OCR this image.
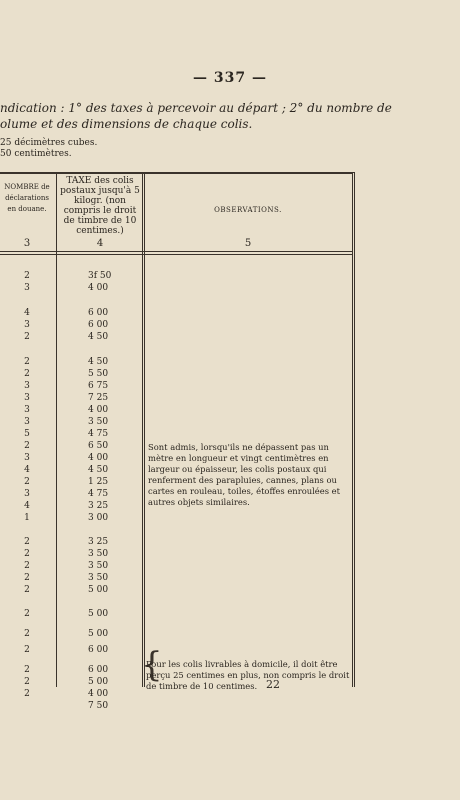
— 337 —
ndication : 1° des taxes à percevoir au départ ; 2° du nombre de
olume et des dimensions de chaque colis.
25 décimètres cubes.
50 centimètres.
NOMBRE de déclarations en douane.
TAXE des colis postaux jusqu'à 5 kilogr. (non compris le droit de timbre de 10 centimes.)
OBSERVATIONS.
3	4	5
2	3f 50
3	4 00
4	6 00
3	6 00
2	4 50
2	4 50
2	5 50
3	6 75
3	7 25
3	4 00
3	3 50
5	4 75
2	6 50
3	4 00
4	4 50
2	1 25
3	4 75
4	3 25
1	3 00
2	3 25
2	3 50
2	3 50
2	3 50
2	5 00
2	5 00
2	5 00
2	6 00
2	6 00
2	5 00
2	4 00
7 50
Sont admis, lorsqu'ils ne dépassent pas un mètre en longueur et vingt centimètres en largeur ou épaisseur, les colis postaux qui renferment des parapluies, cannes, plans ou cartes en rouleau, toiles, étoffes enroulées et autres objets similaires.
{
Pour les colis livrables à domicile, il doit être perçu 25 centimes en plus, non compris le droit de timbre de 10 centimes. 22
